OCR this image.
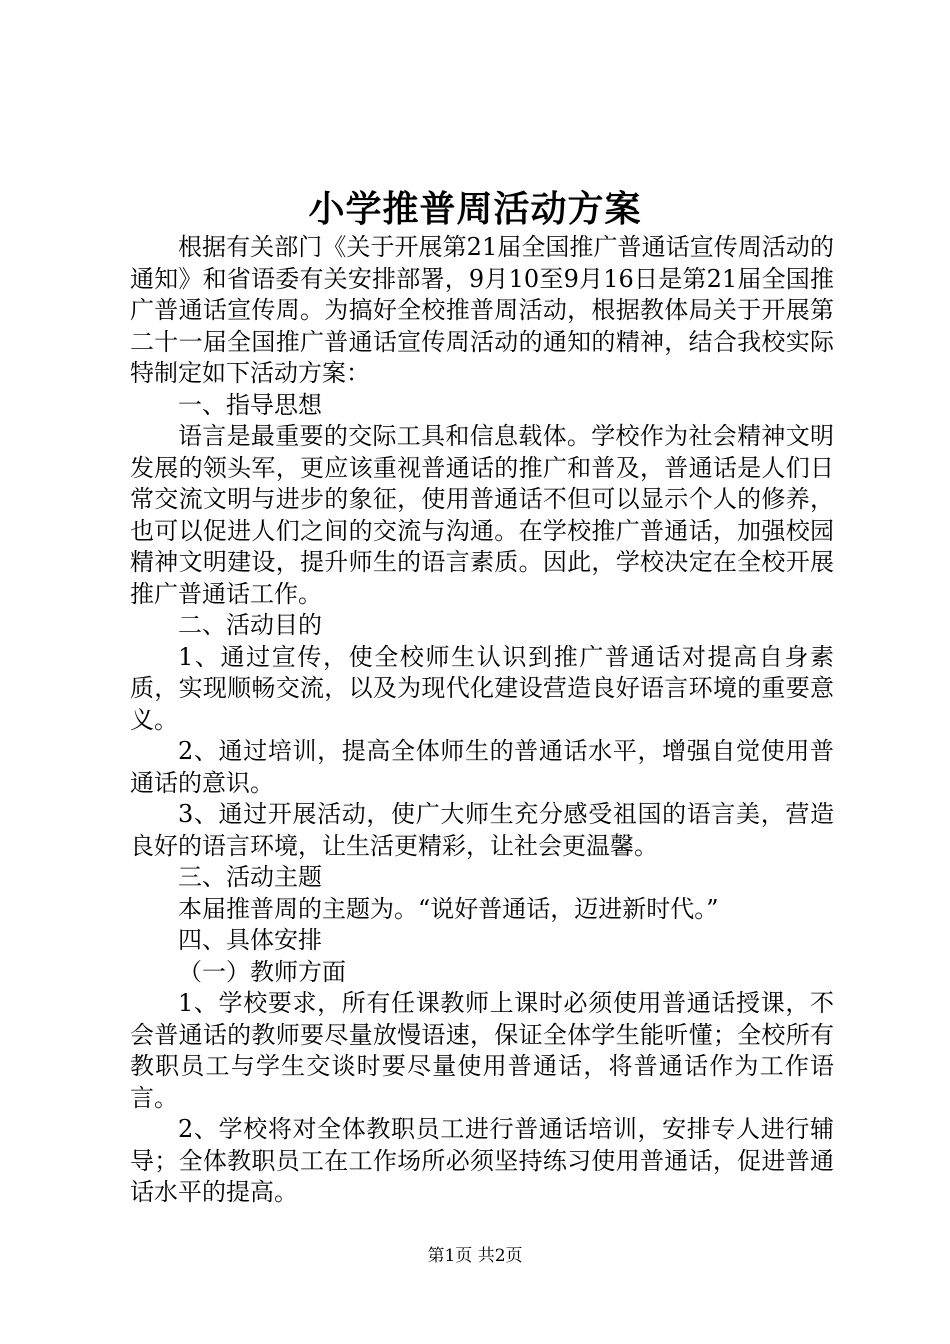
小学推普周活动方案

根据有关部门《关于开展第21届全国推广普通话宣传周活动的通知》和省语委有关安排部署，9月10至9月16日是第21届全国推广普通话宣传周。为搞好全校推普周活动，根据教体局关于开展第二十一届全国推广普通话宣传周活动的通知的精神，结合我校实际特制定如下活动方案：

一、指导思想

语言是最重要的交际工具和信息载体。学校作为社会精神文明发展的领头军，更应该重视普通话的推广和普及，普通话是人们日常交流文明与进步的象征，使用普通话不但可以显示个人的修养，也可以促进人们之间的交流与沟通。在学校推广普通话，加强校园精神文明建设，提升师生的语言素质。因此，学校决定在全校开展推广普通话工作。

二、活动目的

1、通过宣传，使全校师生认识到推广普通话对提高自身素质，实现顺畅交流，以及为现代化建设营造良好语言环境的重要意义。

2、通过培训，提高全体师生的普通话水平，增强自觉使用普通话的意识。

3、通过开展活动，使广大师生充分感受祖国的语言美，营造良好的语言环境，让生活更精彩，让社会更温馨。

三、活动主题

本届推普周的主题为。“说好普通话，迈进新时代。”

四、具体安排

（一）教师方面

1、学校要求，所有任课教师上课时必须使用普通话授课，不会普通话的教师要尽量放慢语速，保证全体学生能听懂；全校所有教职员工与学生交谈时要尽量使用普通话，将普通话作为工作语言。

2、学校将对全体教职员工进行普通话培训，安排专人进行辅导；全体教职员工在工作场所必须坚持练习使用普通话，促进普通话水平的提高。

第1页 共2页
